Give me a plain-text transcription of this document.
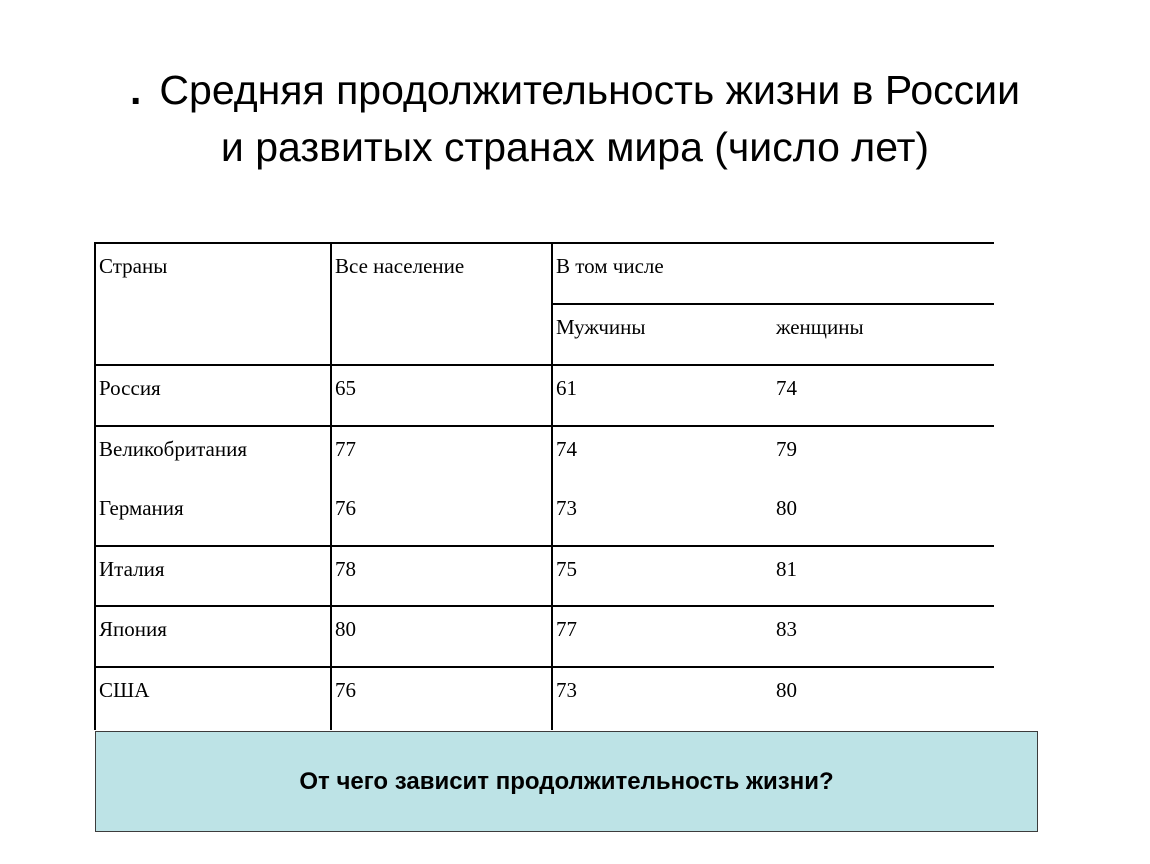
. Средняя продолжительность жизни в России
и развитых странах мира (число лет)
Страны	Все население	В том числе	
		Мужчины	женщины
Россия	65	61	74
Великобритания	77	74	79
Германия	76	73	80
Италия	78	75	81
Япония	80	77	83
США	76	73	80
От чего зависит продолжительность жизни?
